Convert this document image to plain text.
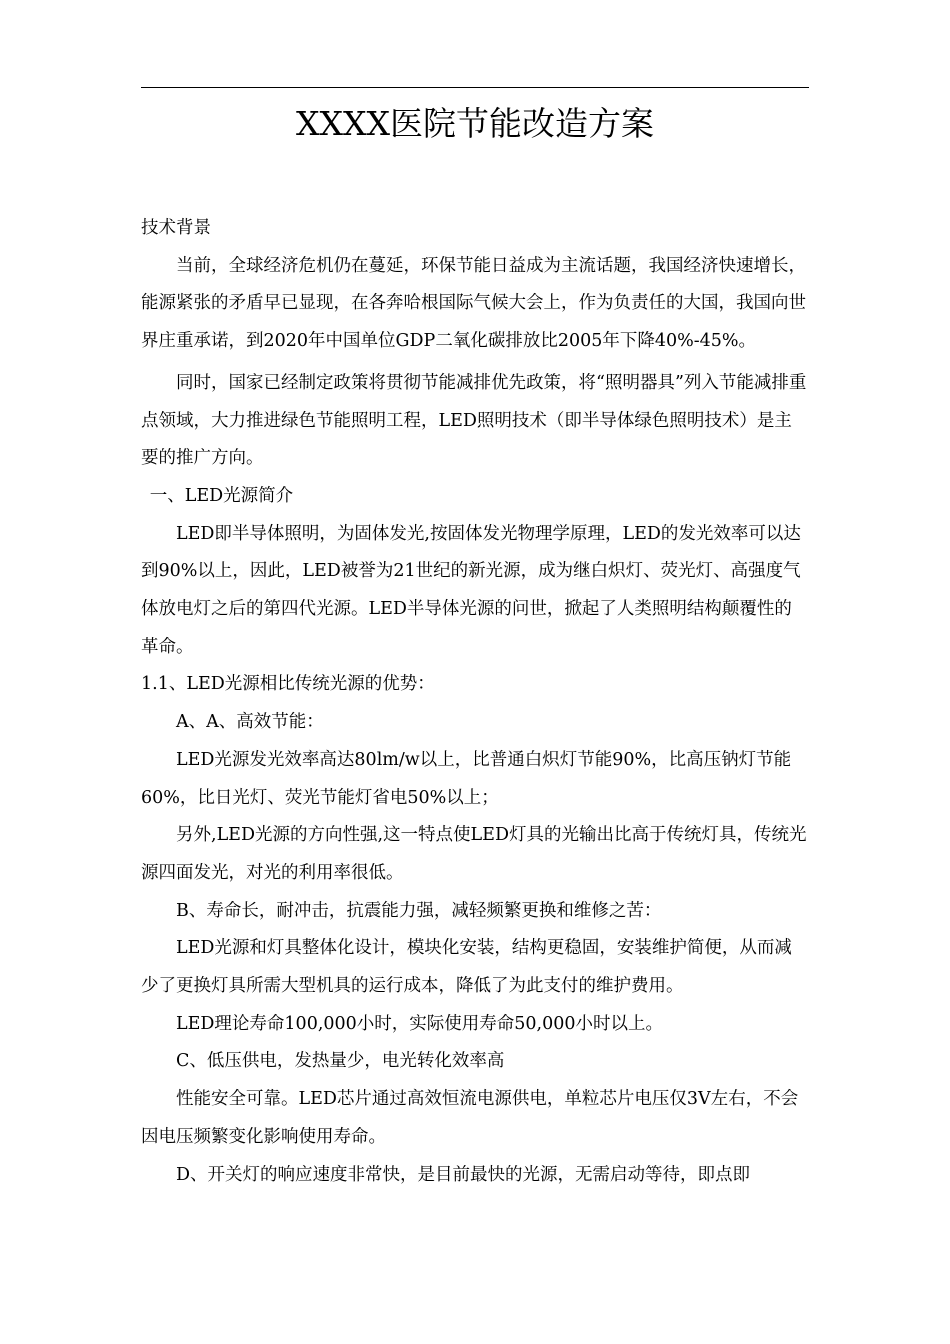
XXXX医院节能改造方案

技术背景

当前，全球经济危机仍在蔓延，环保节能日益成为主流话题，我国经济快速增长，能源紧张的矛盾早已显现，在各奔哈根国际气候大会上，作为负责任的大国，我国向世界庄重承诺，到2020年中国单位GDP二氧化碳排放比2005年下降40%-45%。

同时，国家已经制定政策将贯彻节能减排优先政策，将“照明器具”列入节能减排重点领域，大力推进绿色节能照明工程，LED照明技术（即半导体绿色照明技术）是主要的推广方向。

一、LED光源简介

LED即半导体照明，为固体发光,按固体发光物理学原理，LED的发光效率可以达到90%以上，因此，LED被誉为21世纪的新光源，成为继白炽灯、荧光灯、高强度气体放电灯之后的第四代光源。LED半导体光源的问世，掀起了人类照明结构颠覆性的革命。

1.1、LED光源相比传统光源的优势：

A、A、高效节能：

LED光源发光效率高达80lm/w以上，比普通白炽灯节能90%，比高压钠灯节能60%，比日光灯、荧光节能灯省电50%以上；

另外,LED光源的方向性强,这一特点使LED灯具的光输出比高于传统灯具，传统光源四面发光，对光的利用率很低。

B、寿命长，耐冲击，抗震能力强，减轻频繁更换和维修之苦：

LED光源和灯具整体化设计，模块化安装，结构更稳固，安装维护简便，从而减少了更换灯具所需大型机具的运行成本，降低了为此支付的维护费用。

LED理论寿命100,000小时，实际使用寿命50,000小时以上。

C、低压供电，发热量少，电光转化效率高

性能安全可靠。LED芯片通过高效恒流电源供电，单粒芯片电压仅3V左右，不会因电压频繁变化影响使用寿命。

D、开关灯的响应速度非常快，是目前最快的光源，无需启动等待，即点即
